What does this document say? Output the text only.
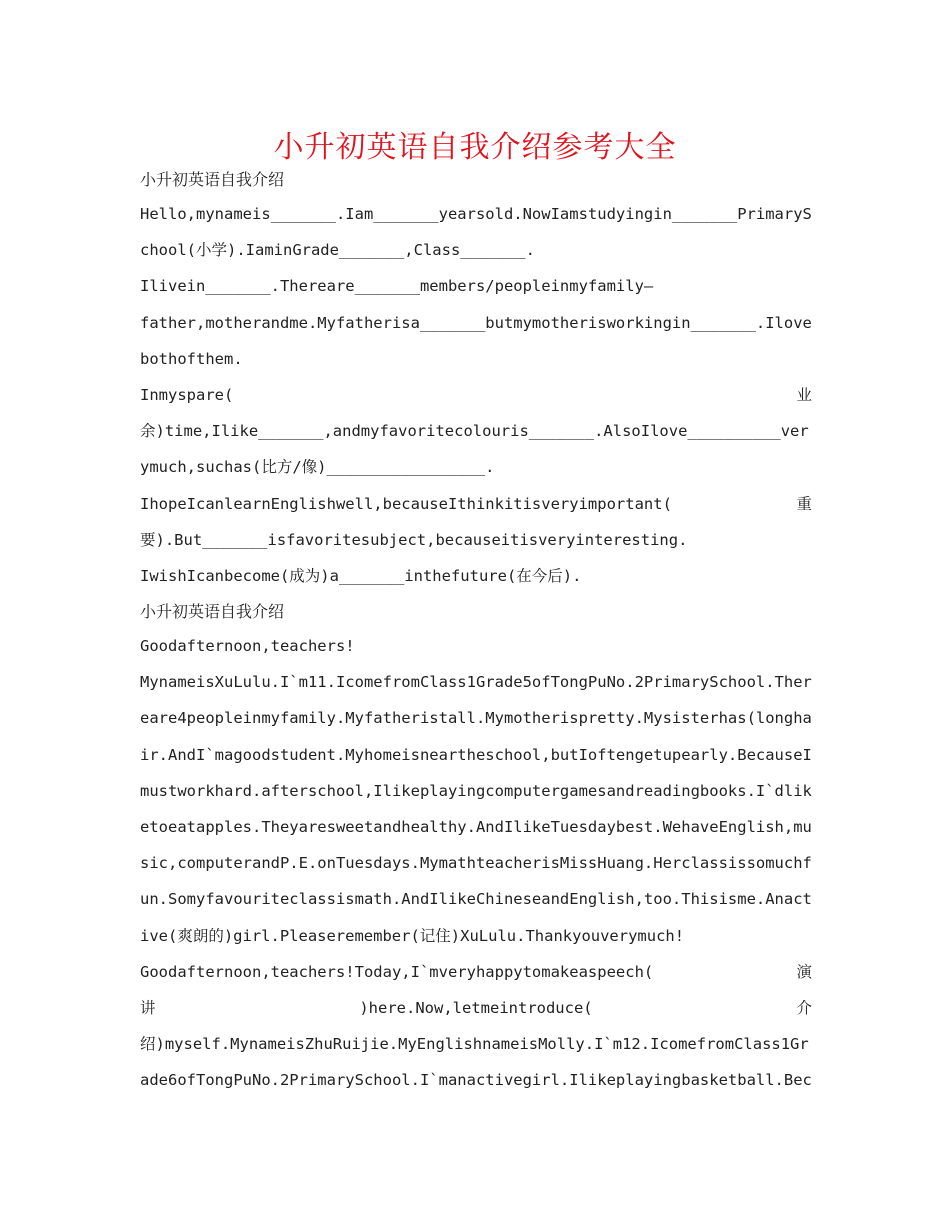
小升初英语自我介绍参考大全
小升初英语自我介绍
Hello,mynameis_______.Iam_______yearsold.NowIamstudyingin_______PrimaryS
chool(小学).IaminGrade_______,Class_______.
Ilivein_______.Thereare_______members/peopleinmyfamily—
father,motherandme.Myfatherisa_______butmymotherisworkingin_______.Ilove
bothofthem.
Inmyspare(	业
余)time,Ilike_______,andmyfavoritecolouris_______.AlsoIlove__________ver
ymuch,suchas(比方/像)_________________.
IhopeIcanlearnEnglishwell,becauseIthinkitisveryimportant(	重
要).But_______isfavoritesubject,becauseitisveryinteresting.
IwishIcanbecome(成为)a_______inthefuture(在今后).
小升初英语自我介绍
Goodafternoon,teachers!
MynameisXuLulu.I`m11.IcomefromClass1Grade5ofTongPuNo.2PrimarySchool.Ther
eare4peopleinmyfamily.Myfatheristall.Mymotherispretty.Mysisterhas(longha
ir.AndI`magoodstudent.Myhomeisneartheschool,butIoftengetupearly.BecauseI
mustworkhard.afterschool,Ilikeplayingcomputergamesandreadingbooks.I`dlik
etoeatapples.Theyaresweetandhealthy.AndIlikeTuesdaybest.WehaveEnglish,mu
sic,computerandP.E.onTuesdays.MymathteacherisMissHuang.Herclassissomuchf
un.Somyfavouriteclassismath.AndIlikeChineseandEnglish,too.Thisisme.Anact
ive(爽朗的)girl.Pleaseremember(记住)XuLulu.Thankyouverymuch!
Goodafternoon,teachers!Today,I`mveryhappytomakeaspeech(	演
讲	)here.Now,letmeintroduce(	介
绍)myself.MynameisZhuRuijie.MyEnglishnameisMolly.I`m12.IcomefromClass1Gr
ade6ofTongPuNo.2PrimarySchool.I`manactivegirl.Ilikeplayingbasketball.Bec
